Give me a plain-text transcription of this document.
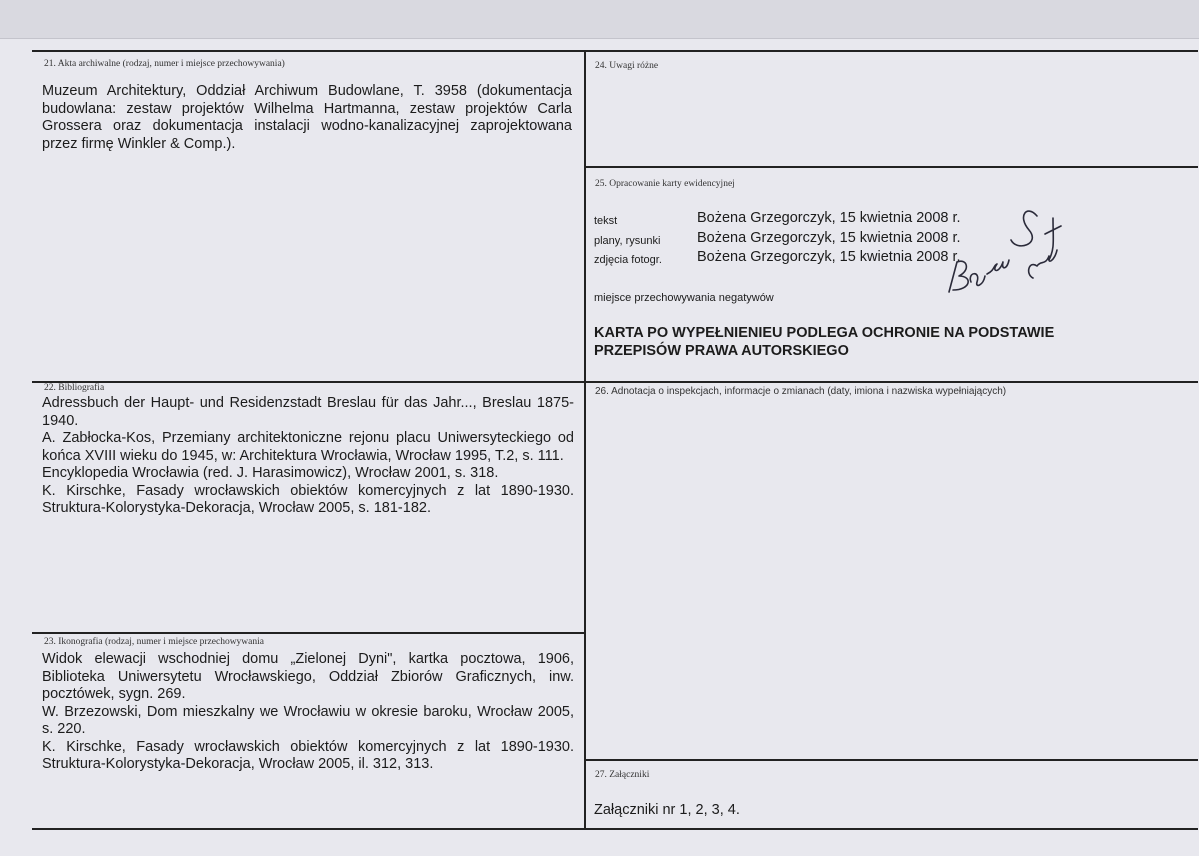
21. Akta archiwalne (rodzaj, numer i miejsce przechowywania)
Muzeum Architektury, Oddział Archiwum Budowlane, T. 3958 (dokumentacja budowlana: zestaw projektów Wilhelma Hartmanna, zestaw projektów Carla Grossera oraz dokumentacja instalacji wodno-kanalizacyjnej zaprojektowana przez firmę Winkler & Comp.).
22. Bibliografia
Adressbuch der Haupt- und Residenzstadt Breslau für das Jahr..., Breslau 1875-1940.
A. Zabłocka-Kos, Przemiany architektoniczne rejonu placu Uniwersyteckiego od końca XVIII wieku do 1945, w: Architektura Wrocławia, Wrocław 1995, T.2, s. 111.
Encyklopedia Wrocławia (red. J. Harasimowicz), Wrocław 2001, s. 318.
K. Kirschke, Fasady wrocławskich obiektów komercyjnych z lat 1890-1930. Struktura-Kolorystyka-Dekoracja, Wrocław 2005, s. 181-182.
23. Ikonografia (rodzaj, numer i miejsce przechowywania
Widok elewacji wschodniej domu „Zielonej Dyni", kartka pocztowa, 1906, Biblioteka Uniwersytetu Wrocławskiego, Oddział Zbiorów Graficznych, inw. pocztówek, sygn. 269.
W. Brzezowski, Dom mieszkalny we Wrocławiu w okresie baroku, Wrocław 2005, s. 220.
K. Kirschke, Fasady wrocławskich obiektów komercyjnych z lat 1890-1930. Struktura-Kolorystyka-Dekoracja, Wrocław 2005, il. 312, 313.
24. Uwagi różne
25. Opracowanie karty ewidencyjnej
tekst	Bożena Grzegorczyk, 15 kwietnia 2008 r.
plany, rysunki	Bożena Grzegorczyk, 15 kwietnia 2008 r.
zdjęcia fotogr. Bożena Grzegorczyk, 15 kwietnia 2008 r.
miejsce przechowywania negatywów
KARTA PO WYPEŁNIENIEU PODLEGA OCHRONIE NA PODSTAWIE PRZEPISÓW PRAWA AUTORSKIEGO
26. Adnotacja o inspekcjach, informacje o zmianach (daty, imiona i nazwiska wypełniających)
27. Załączniki
Załączniki nr 1, 2, 3, 4.
